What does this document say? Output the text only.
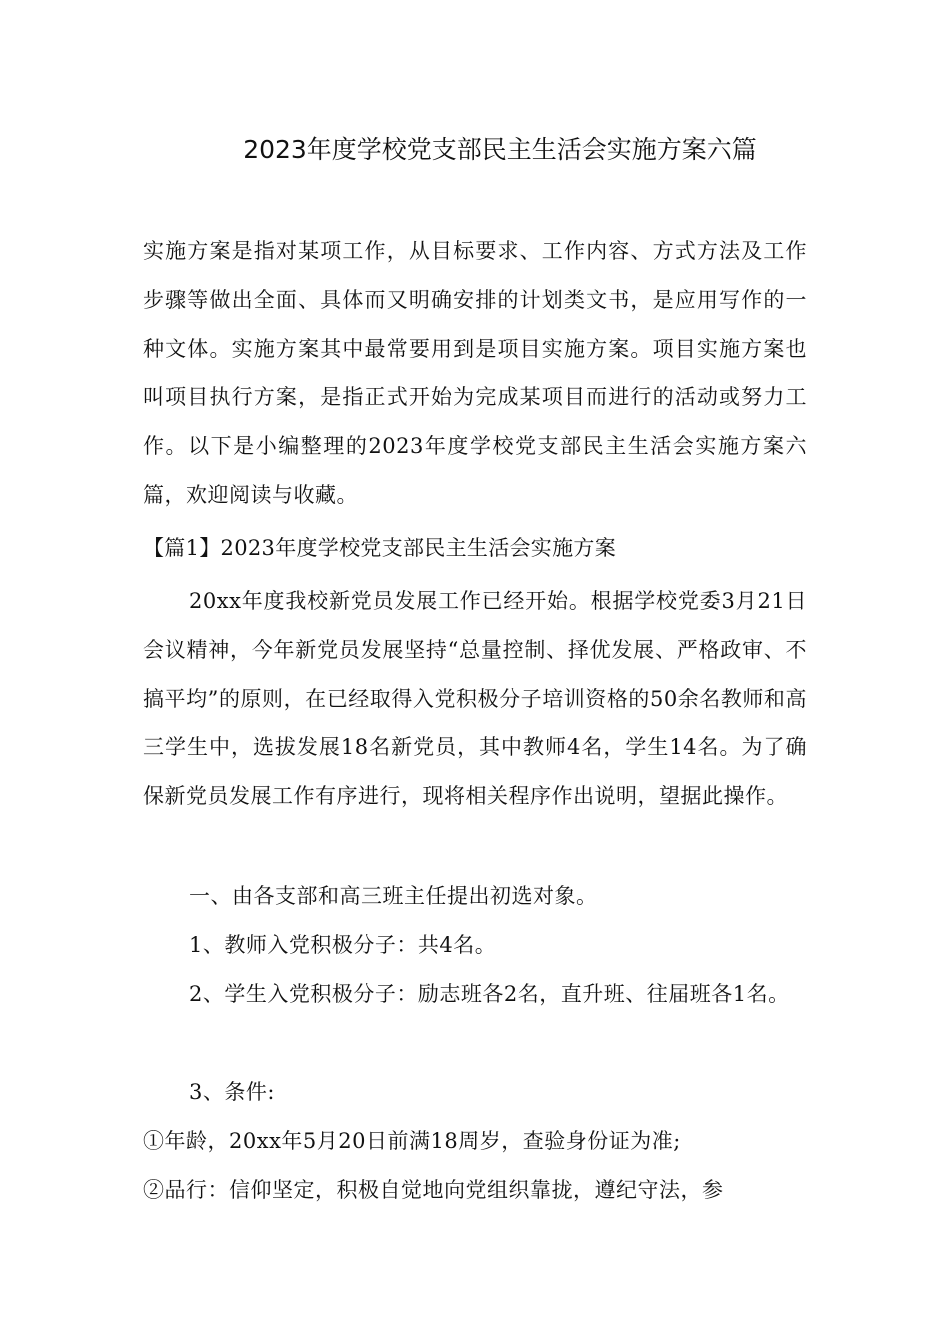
2023年度学校党支部民主生活会实施方案六篇

实施方案是指对某项工作，从目标要求、工作内容、方式方法及工作步骤等做出全面、具体而又明确安排的计划类文书，是应用写作的一种文体。实施方案其中最常要用到是项目实施方案。项目实施方案也叫项目执行方案，是指正式开始为完成某项目而进行的活动或努力工作。以下是小编整理的2023年度学校党支部民主生活会实施方案六篇，欢迎阅读与收藏。

【篇1】2023年度学校党支部民主生活会实施方案

20xx年度我校新党员发展工作已经开始。根据学校党委3月21日会议精神，今年新党员发展坚持“总量控制、择优发展、严格政审、不搞平均”的原则，在已经取得入党积极分子培训资格的50余名教师和高三学生中，选拔发展18名新党员，其中教师4名，学生14名。为了确保新党员发展工作有序进行，现将相关程序作出说明，望据此操作。

一、由各支部和高三班主任提出初选对象。

1、教师入党积极分子：共4名。

2、学生入党积极分子：励志班各2名，直升班、往届班各1名。

3、条件:

①年龄，20xx年5月20日前满18周岁，查验身份证为准;

②品行：信仰坚定，积极自觉地向党组织靠拢，遵纪守法，参
